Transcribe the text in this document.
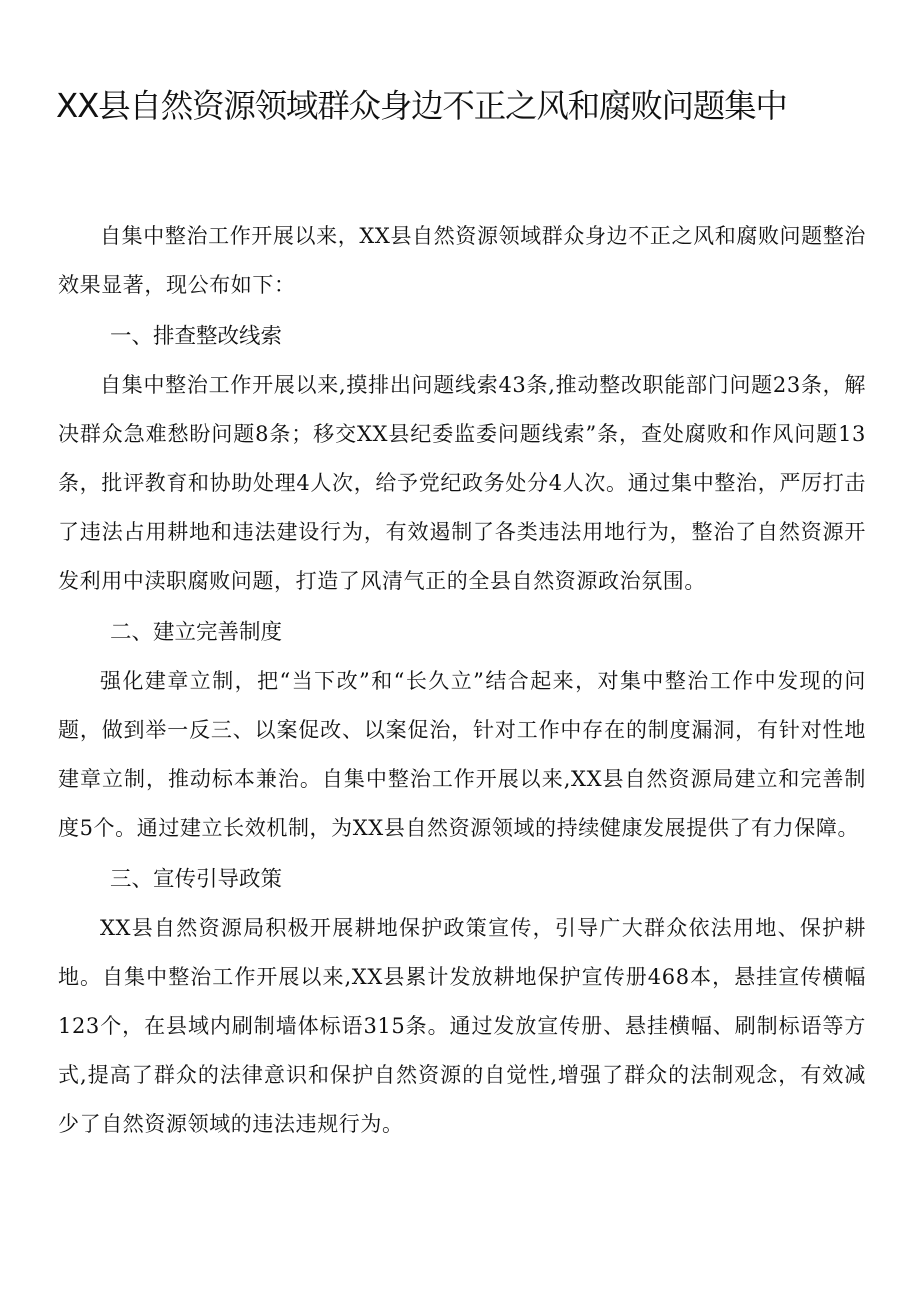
XX县自然资源领域群众身边不正之风和腐败问题集中

自集中整治工作开展以来，XX县自然资源领域群众身边不正之风和腐败问题整治效果显著，现公布如下：

一、排查整改线索

自集中整治工作开展以来,摸排出问题线索43条,推动整改职能部门问题23条，解决群众急难愁盼问题8条；移交XX县纪委监委问题线索”条，查处腐败和作风问题13条，批评教育和协助处理4人次，给予党纪政务处分4人次。通过集中整治，严厉打击了违法占用耕地和违法建设行为，有效遏制了各类违法用地行为，整治了自然资源开发利用中渎职腐败问题，打造了风清气正的全县自然资源政治氛围。

二、建立完善制度

强化建章立制，把“当下改”和“长久立”结合起来，对集中整治工作中发现的问题，做到举一反三、以案促改、以案促治，针对工作中存在的制度漏洞，有针对性地建章立制，推动标本兼治。自集中整治工作开展以来,XX县自然资源局建立和完善制度5个。通过建立长效机制，为XX县自然资源领域的持续健康发展提供了有力保障。

三、宣传引导政策

XX县自然资源局积极开展耕地保护政策宣传，引导广大群众依法用地、保护耕地。自集中整治工作开展以来,XX县累计发放耕地保护宣传册468本，悬挂宣传横幅123个，在县域内刷制墙体标语315条。通过发放宣传册、悬挂横幅、刷制标语等方式,提高了群众的法律意识和保护自然资源的自觉性,增强了群众的法制观念，有效减少了自然资源领域的违法违规行为。
